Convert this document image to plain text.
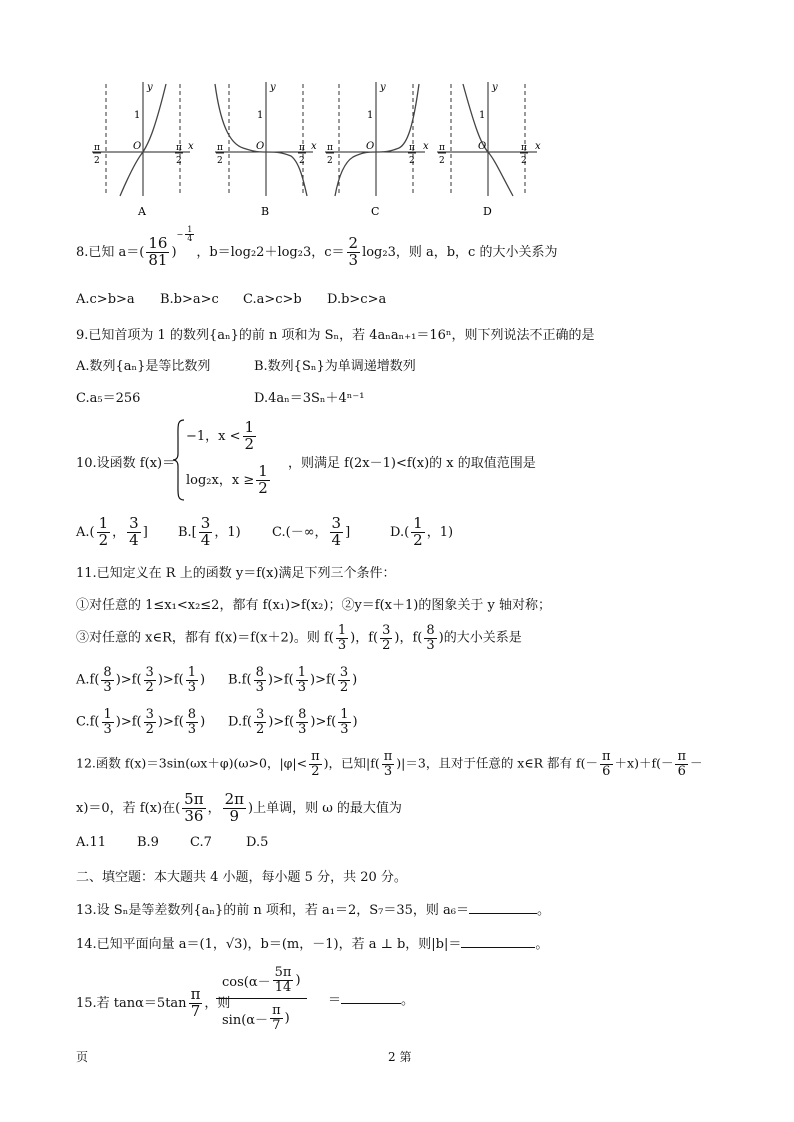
y
1
O	x
π
2
π
2
A
y
1
O	x
π
2
π
2
B
y
1
O	x
π
2
π
2
C
y
1
O	x
π
2
π
2
D
8.已知 $a=( \frac{16}{81}$ )− $\frac{1}{4}$
，b＝log₂2＋log₂3，$c= \frac{2}{3} \log_23$，则 a，b，c 的大小关系为
A.c>b>a B.b>a>c C.a>c>b D.b>c>a
9.已知首项为 1 的数列{aₙ}的前 n 项和为 Sₙ，若 4aₙaₙ₊₁＝16ⁿ，则下列说法不正确的是
A.数列{aₙ}是等比数列	B.数列{Sₙ}为单调递增数列
C.a₅＝256	D.4aₙ＝3Sₙ＋4ⁿ⁻¹
10.设函数 f(x)＝
−1，$x < \frac{1}{2}$
log₂x，$x \ge \frac{1}{2}$
，则满足 f(2x－1)<f(x)的 x 的取值范围是
$A.( \frac{1}{2}$ ， $\frac{3}{4}$ ] $B.[ \frac{3}{4}$ ，1) C.(－∞， $\frac{3}{4}$ ]	$D.( \frac{1}{2}$ ，1)
11.已知定义在 R 上的函数 y＝f(x)满足下列三个条件：
①对任意的 1≤x₁<x₂≤2，都有 f(x₁)>f(x₂)；②y＝f(x＋1)的图象关于 y 轴对称；
③对任意的 x∈R，都有 f(x)＝f(x＋2)。则 $f( \frac{1}{3}$ )，$f( \frac{3}{2}$ )，$f( \frac{8}{3}$ )的大小关系是
$A.f( \frac{8}{3} )>f( \frac{3}{2} )>f( \frac{1}{3}$ ) $B.f( \frac{8}{3} )>f( \frac{1}{3} )>f( \frac{3}{2}$ )
$C.f( \frac{1}{3} )>f( \frac{3}{2} )>f( \frac{8}{3}$ ) $D.f( \frac{3}{2} )>f( \frac{8}{3} )>f( \frac{1}{3}$ )
12.函数 f(x)＝3sin(ωx＋φ)(ω>0，$|\varphi|< \frac{\pi}{2}$ )，已知$|f( \frac{\pi}{3} )|=3$，且对于任意的 x∈R 都有 $f(- \frac{\pi}{6} +x)+f(- \frac{\pi}{6}$ －
x)＝0，若 f(x)在( $\frac{5\pi}{36}$ ， $\frac{2\pi}{9}$ )上单调，则 ω 的最大值为
A.11 B.9 C.7	D.5
二、填空题：本大题共 4 小题，每小题 5 分，共 20 分。
13.设 Sₙ是等差数列{aₙ}的前 n 项和，若 a₁＝2，S₇＝35，则 a₆＝	。
14.已知平面向量 a＝(1，√3)，b＝(m，－1)，若 a ⊥ b，则|b|＝	。
15.若 $\tan\alpha=5\tan \frac{\pi}{7}$ ，则
$\cos(\alpha- \frac{5\pi}{14}$ )
$\sin(\alpha- \frac{\pi}{7}$ )
＝	。
页	2 第
